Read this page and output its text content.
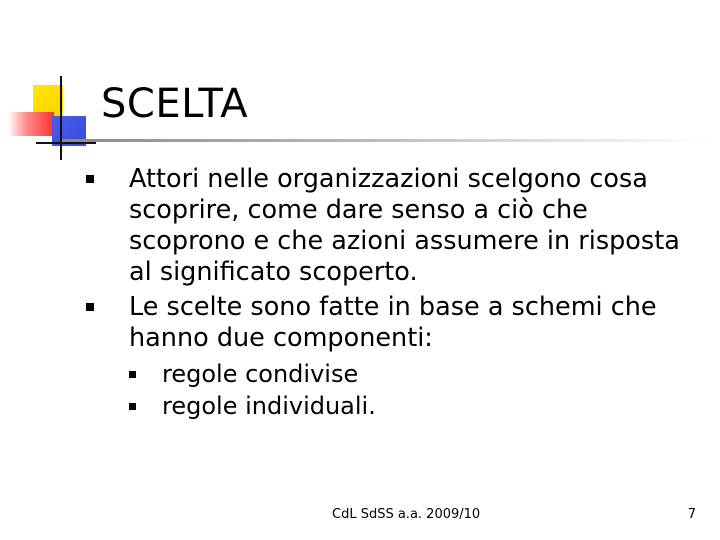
SCELTA
Attori nelle organizzazioni scelgono cosa scoprire, come dare senso a ciò che scoprono e che azioni assumere in risposta al significato scoperto.
Le scelte sono fatte in base a schemi che hanno due componenti:
regole condivise
regole individuali.
CdL SdSS a.a. 2009/10	7
